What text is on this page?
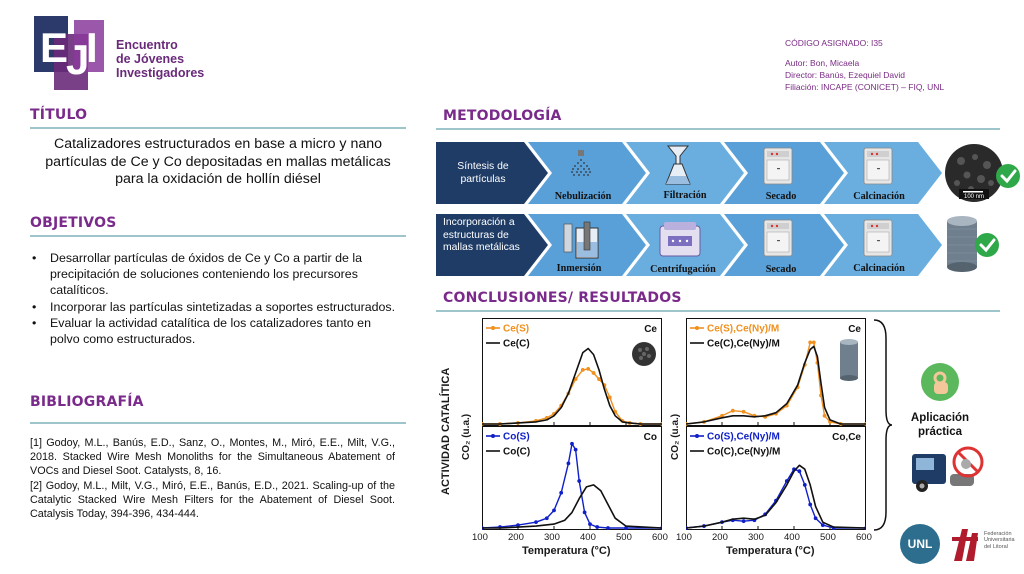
E
J
I Encuentro
de Jóvenes
Investigadores
CÓDIGO ASIGNADO: I35
Autor: Bon, Micaela
Director: Banús, Ezequiel David
Filiación: INCAPE (CONICET) – FIQ, UNL
TÍTULO
Catalizadores estructurados en base a micro y nano partículas de Ce y Co depositadas en mallas metálicas para la oxidación de hollín diésel
OBJETIVOS
• Desarrollar partículas de óxidos de Ce y Co a partir de la precipitación de soluciones conteniendo los precursores catalíticos.
• Incorporar las partículas sintetizadas a soportes estructurados.
• Evaluar la actividad catalítica de los catalizadores tanto en polvo como estructurados.
BIBLIOGRAFÍA

[1] Godoy, M.L., Banús, E.D., Sanz, O., Montes, M., Miró, E.E., Milt, V.G., 2018. Stacked Wire Mesh Monoliths for the Simultaneous Abatement of VOCs and Diesel Soot. Catalysts, 8, 16.

[2] Godoy, M.L., Milt, V.G., Miró, E.E., Banús, E.D., 2021. Scaling-up of the Catalytic Stacked Wire Mesh Filters for the Abatement of Diesel Soot. Catalysis Today, 394-396, 434-444.

METODOLOGÍA
Síntesis de partículas
Nebulización	Filtración	Secado	Calcinación	100 nm
Incorporación a estructuras de mallas metálicas
Inmersión	Centrifugación	Secado	Calcinación
CONCLUSIONES/ RESULTADOS
ACTIVIDAD CATALÍTICA CO₂ (u.a.)	CO₂ (u.a.)
Ce(S)
Ce(C)
Ce	Ce(S),Ce(Ny)/M
Ce(C),Ce(Ny)/M
Ce
Co(S)
Co(C)
Co	Co(S),Ce(Ny)/M
Co(C),Ce(Ny)/M
Co,Ce
100 200 300 400 500 600 100 200 300 400 500 600
Temperatura (°C)	Temperatura (°C)
Aplicación práctica
UNL
Federación Universitaria del Litoral
